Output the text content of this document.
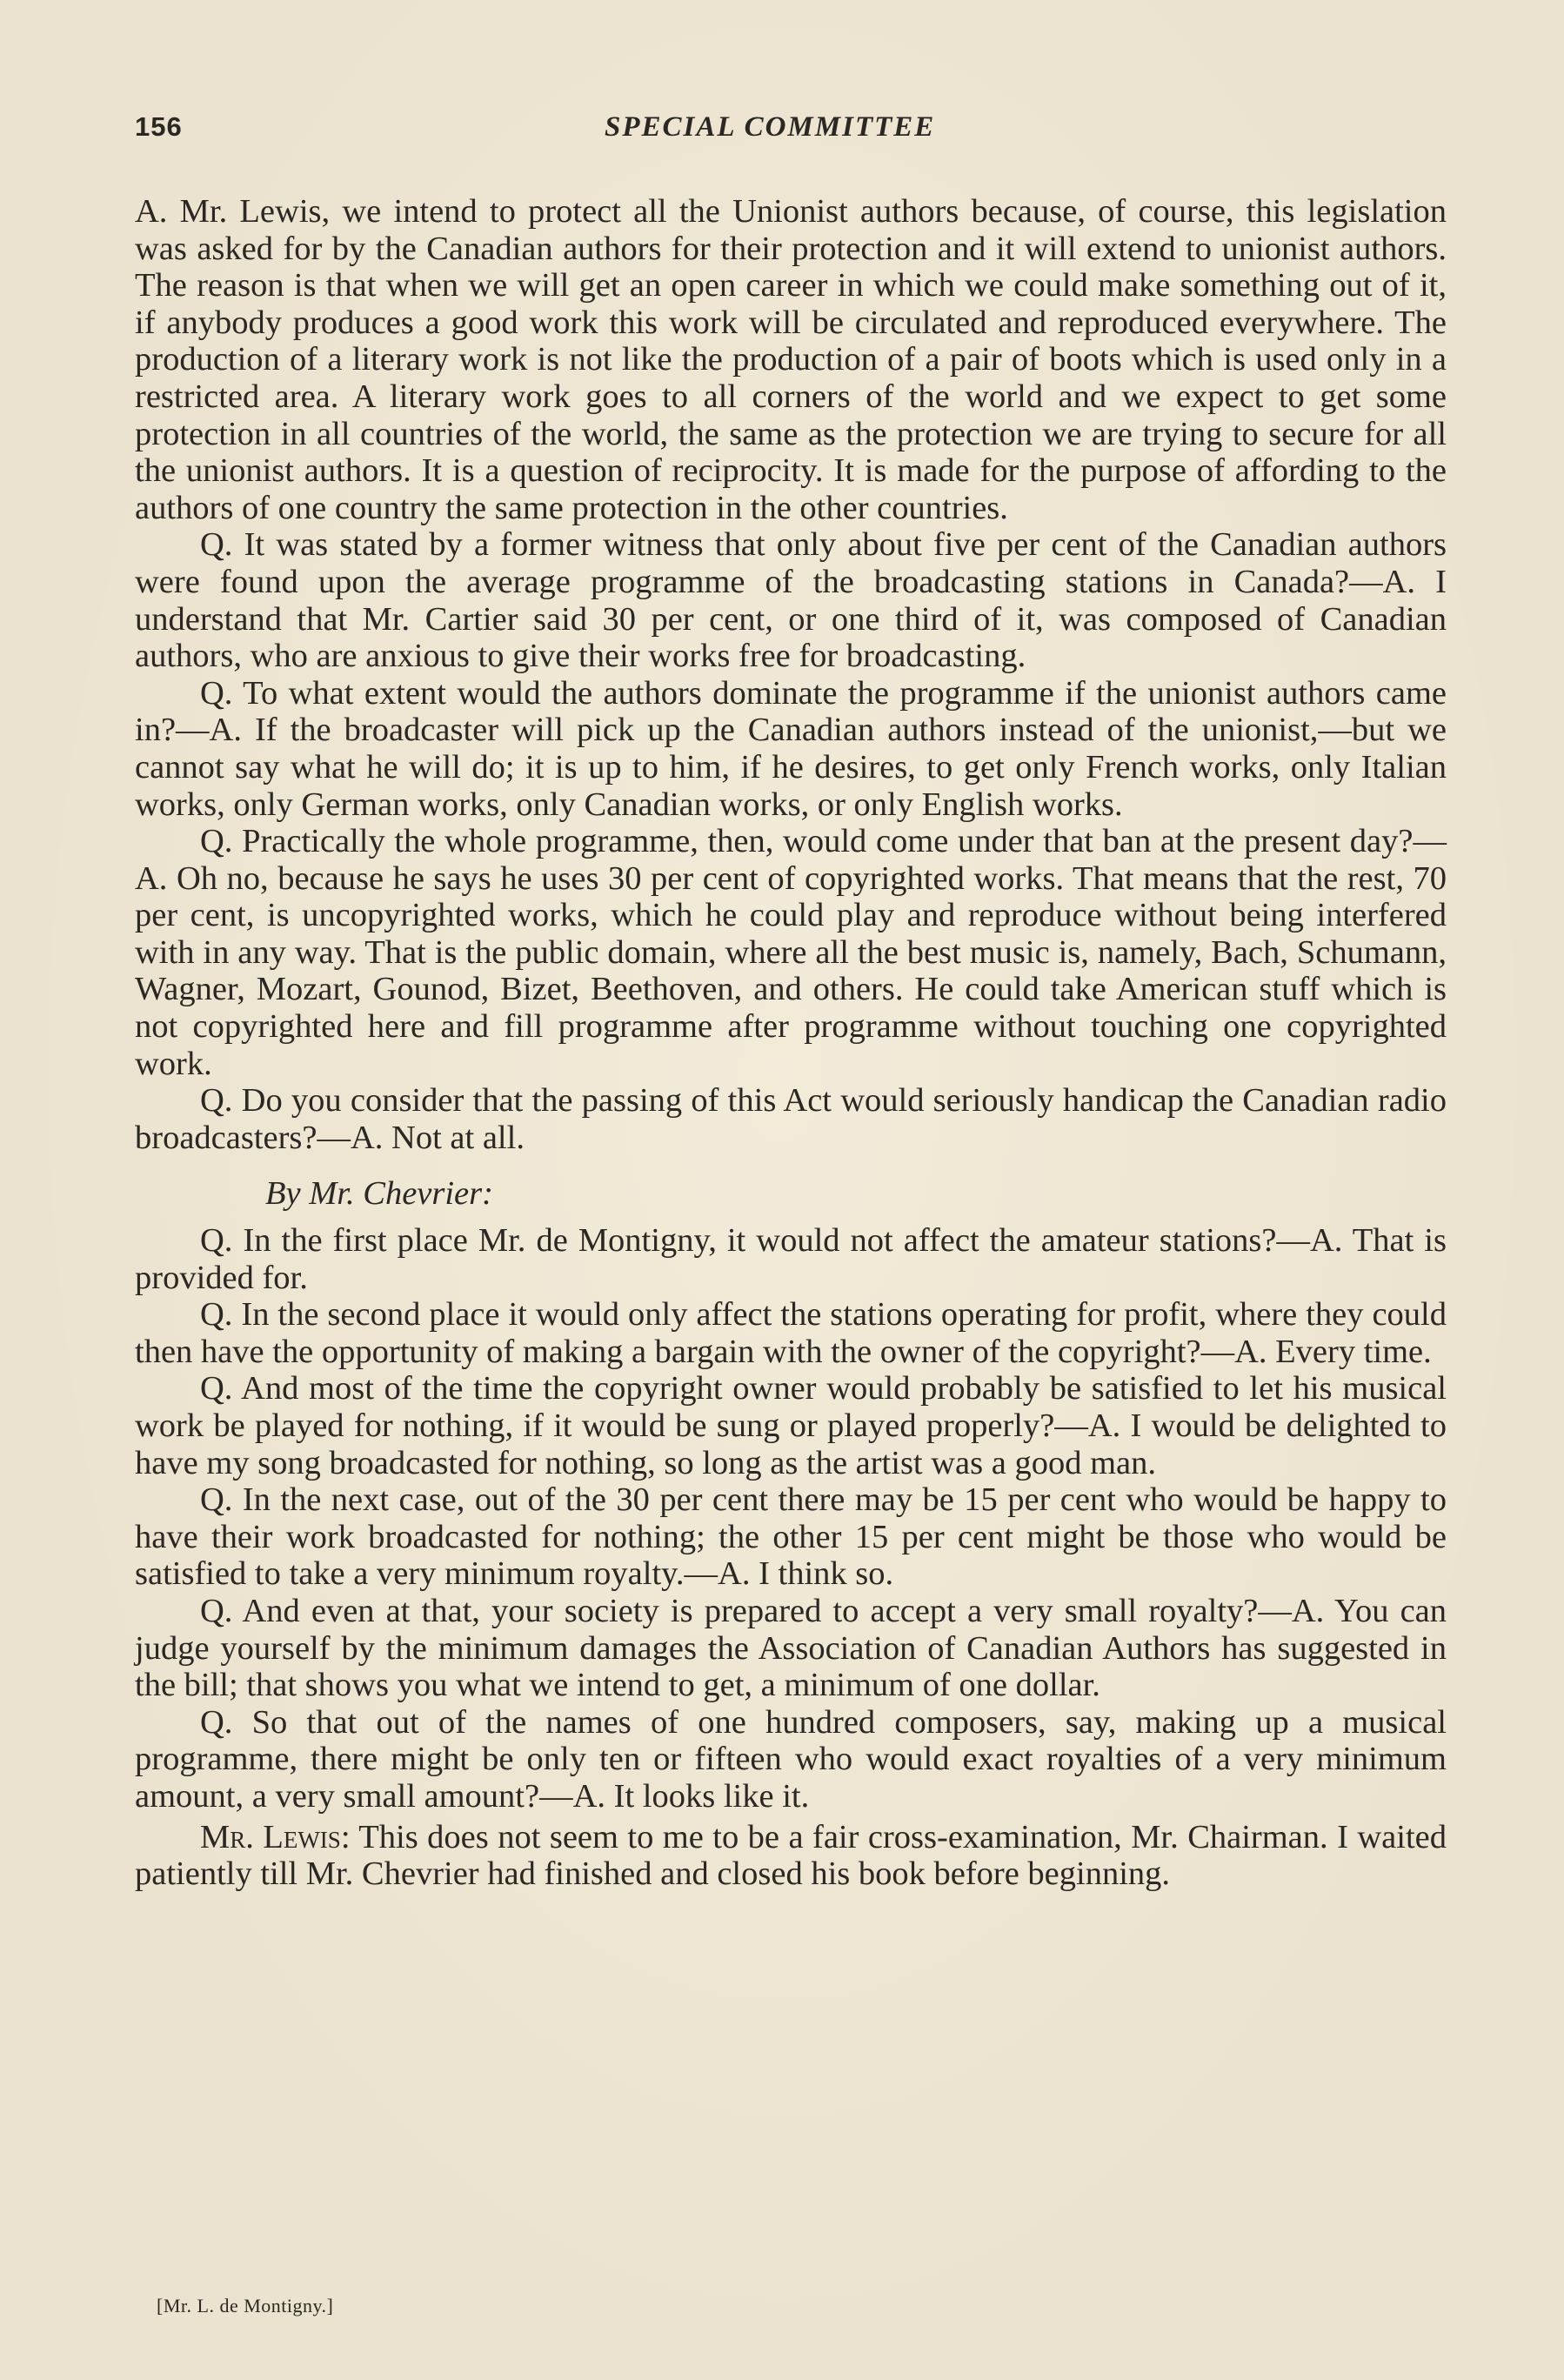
156	SPECIAL COMMITTEE

A. Mr. Lewis, we intend to protect all the Unionist authors because, of course, this legislation was asked for by the Canadian authors for their protection and it will extend to unionist authors. The reason is that when we will get an open career in which we could make something out of it, if anybody produces a good work this work will be circulated and reproduced everywhere. The production of a literary work is not like the production of a pair of boots which is used only in a restricted area. A literary work goes to all corners of the world and we expect to get some protection in all countries of the world, the same as the protection we are trying to secure for all the unionist authors. It is a question of reciprocity. It is made for the purpose of affording to the authors of one country the same protection in the other countries.

Q. It was stated by a former witness that only about five per cent of the Canadian authors were found upon the average programme of the broadcasting stations in Canada?—A. I understand that Mr. Cartier said 30 per cent, or one third of it, was composed of Canadian authors, who are anxious to give their works free for broadcasting.

Q. To what extent would the authors dominate the programme if the unionist authors came in?—A. If the broadcaster will pick up the Canadian authors instead of the unionist,—but we cannot say what he will do; it is up to him, if he desires, to get only French works, only Italian works, only German works, only Canadian works, or only English works.

Q. Practically the whole programme, then, would come under that ban at the present day?—A. Oh no, because he says he uses 30 per cent of copyrighted works. That means that the rest, 70 per cent, is uncopyrighted works, which he could play and reproduce without being interfered with in any way. That is the public domain, where all the best music is, namely, Bach, Schumann, Wagner, Mozart, Gounod, Bizet, Beethoven, and others. He could take American stuff which is not copyrighted here and fill programme after programme without touching one copyrighted work.

Q. Do you consider that the passing of this Act would seriously handicap the Canadian radio broadcasters?—A. Not at all.

By Mr. Chevrier:

Q. In the first place Mr. de Montigny, it would not affect the amateur stations?—A. That is provided for.

Q. In the second place it would only affect the stations operating for profit, where they could then have the opportunity of making a bargain with the owner of the copyright?—A. Every time.

Q. And most of the time the copyright owner would probably be satisfied to let his musical work be played for nothing, if it would be sung or played properly?—A. I would be delighted to have my song broadcasted for nothing, so long as the artist was a good man.

Q. In the next case, out of the 30 per cent there may be 15 per cent who would be happy to have their work broadcasted for nothing; the other 15 per cent might be those who would be satisfied to take a very minimum royalty.—A. I think so.

Q. And even at that, your society is prepared to accept a very small royalty?—A. You can judge yourself by the minimum damages the Association of Canadian Authors has suggested in the bill; that shows you what we intend to get, a minimum of one dollar.

Q. So that out of the names of one hundred composers, say, making up a musical programme, there might be only ten or fifteen who would exact royalties of a very minimum amount, a very small amount?—A. It looks like it.

Mr. Lewis: This does not seem to me to be a fair cross-examination, Mr. Chairman. I waited patiently till Mr. Chevrier had finished and closed his book before beginning.

[Mr. L. de Montigny.]
